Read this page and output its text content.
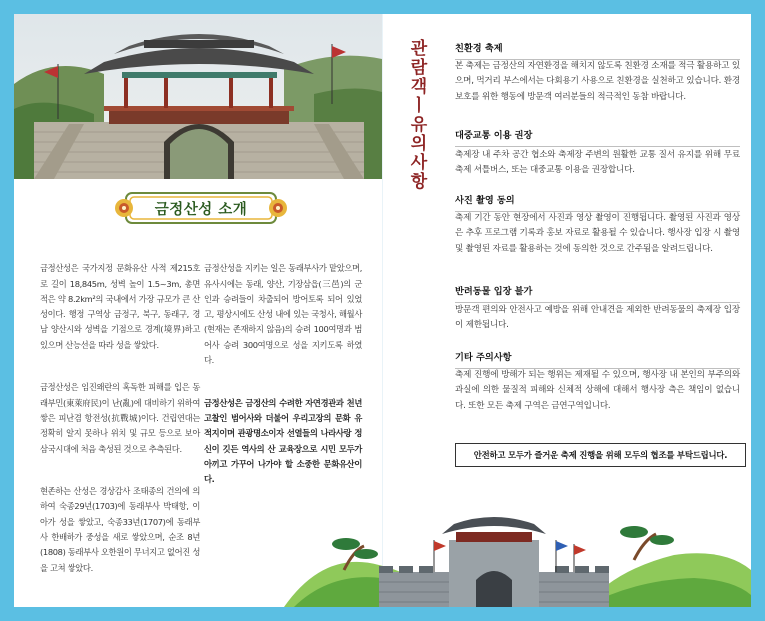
금정산성 소개

금정산성은 국가지정 문화유산 사적 제215호로 길이 18,845m, 성벽 높이 1.5~3m, 총면적은 약 8.2km²의 국내에서 가장 규모가 큰 산성이다. 행정 구역상 금정구, 북구, 동래구, 경남 양산시와 성벽을 기점으로 경계(境界)하고 있으며 산능선을 따라 성을 쌓았다.

금정산성은 임진왜란의 혹독한 피해를 입은 동래부민(東萊府民)이 난(亂)에 대비하기 위하여 쌓은 피난겸 항전성(抗戰城)이다. 건립연대는 정확히 알지 못하나 위치 및 규모 등으로 보아 삼국시대에 처음 축성된 것으로 추측된다.

현존하는 산성은 경상감사 조태종의 건의에 의하여 숙종29년(1703)에 동래부사 박태항, 이아가 성을 쌓았고, 숙종33년(1707)에 동래부사 한배하가 중성을 새로 쌓았으며, 순조 8년(1808) 동래부사 오한원이 무너지고 없어진 성을 고쳐 쌓았다.

금정산성을 지키는 일은 동래부사가 맡았으며, 유사시에는 동래, 양산, 기장삼읍(三邑)의 군인과 승려들이 차출되어 방어토록 되어 있었고, 평상시에도 산성 내에 있는 국청사, 해월사(현재는 존재하지 않음)의 승려 100여명과 범어사 승려 300여명으로 성을 지키도록 하였다.

금정산성은 금정산의 수려한 자연경관과 천년 고찰인 범어사와 더불어 우리고장의 문화 유적지이며 관광명소이자 선열들의 나라사랑 정신이 깃든 역사의 산 교육장으로 시민 모두가 아끼고 가꾸어 나가야 할 소중한 문화유산이다.

관
람
객
ㅣ
유
의
사
항
친환경 축제
본 축제는 금정산의 자연환경을 해치지 않도록 친환경 소재를 적극 활용하고 있으며, 먹거리 부스에서는 다회용기 사용으로 친환경을 실천하고 있습니다. 환경보호를 위한 행동에 방문객 여러분들의 적극적인 동참 바랍니다.
대중교통 이용 권장
축제장 내 주차 공간 협소와 축제장 주변의 원활한 교통 질서 유지를 위해 무료 축제 셔틀버스, 또는 대중교통 이용을 권장합니다.
사진 촬영 동의
축제 기간 동안 현장에서 사진과 영상 촬영이 진행됩니다. 촬영된 사진과 영상은 추후 프로그램 기록과 홍보 자료로 활용될 수 있습니다. 행사장 입장 시 촬영 및 촬영된 자료를 활용하는 것에 동의한 것으로 간주됨을 알려드립니다.
반려동물 입장 불가
방문객 편의와 안전사고 예방을 위해 안내견을 제외한 반려동물의 축제장 입장이 제한됩니다.
기타 주의사항
축제 진행에 방해가 되는 행위는 제재될 수 있으며, 행사장 내 본인의 부주의와 과실에 의한 물질적 피해와 신체적 상해에 대해서 행사장 측은 책임이 없습니다. 또한 모든 축제 구역은 금연구역입니다.
안전하고 모두가 즐거운 축제 진행을 위해 모두의 협조를 부탁드립니다.
